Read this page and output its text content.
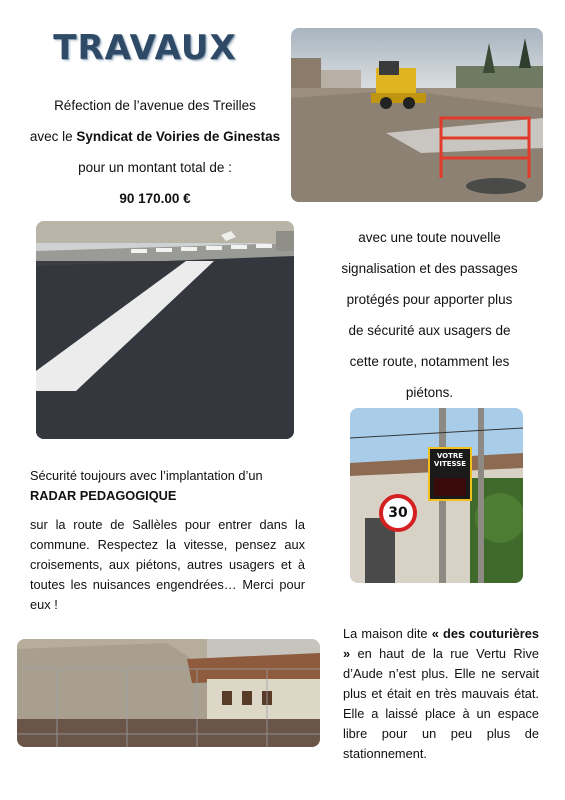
TRAVAUX
Réfection de l’avenue des Treilles
avec le Syndicat de Voiries de Ginestas
pour un montant total de :
90 170.00 €
avec une toute nouvelle
signalisation et des passages
protégés pour apporter plus
de sécurité aux usagers de
cette route, notamment les
piétons.
VOTRE
VITESSE
30

Sécurité toujours avec l’implantation d’un

RADAR PEDAGOGIQUE

sur la route de Sallèles pour entrer dans la commune. Respectez la vitesse, pensez aux croisements, aux piétons, autres usagers et à toutes les nuisances engendrées… Merci pour eux !

La maison dite « des couturières » en haut de la rue Vertu Rive d’Aude n’est plus. Elle ne servait plus et était en très mauvais état. Elle a laissé place à un espace libre pour un peu plus de stationnement.
